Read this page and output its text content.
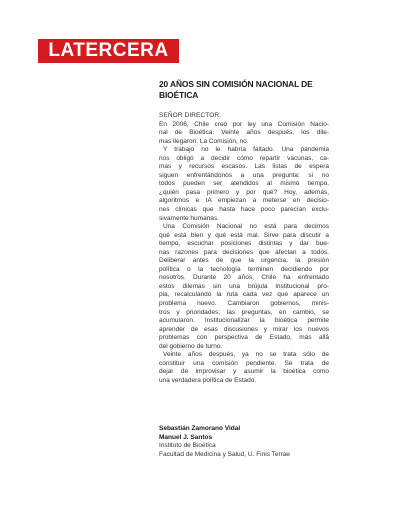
LATERCERA
20 AÑOS SIN COMISIÓN NACIONAL DE
BIOÉTICA
SEÑOR DIRECTOR:
En 2006, Chile creó por ley una Comisión Nacio-
nal de Bioética. Veinte años después, los dile-
mas llegaron. La Comisión, no.
Y trabajo no le habría faltado. Una pandemia
nos obligó a decidir cómo repartir vacunas, ca-
mas y recursos escasos. Las listas de espera
siguen enfrentándonos a una pregunta: si no
todos pueden ser atendidos al mismo tiempo,
¿quién pasa primero y por qué? Hoy, además,
algoritmos e IA empiezan a meterse en decisio-
nes clínicas que hasta hace poco parecían exclu-
sivamente humanas.
Una Comisión Nacional no está para decirnos
qué está bien y qué está mal. Sirve para discutir a
tiempo, escuchar posiciones distintas y dar bue-
nas razones para decisiones que afectan a todos.
Deliberar antes de que la urgencia, la presión
política o la tecnología terminen decidiendo por
nosotros. Durante 20 años, Chile ha enfrentado
estos dilemas sin una brújula institucional pro-
pia, recalculando la ruta cada vez que aparece un
problema nuevo. Cambiaron gobiernos, minis-
tros y prioridades; las preguntas, en cambio, se
acumularon. Institucionalizar la bioética permite
aprender de esas discusiones y mirar los nuevos
problemas con perspectiva de Estado, más allá
del gobierno de turno.
Veinte años después, ya no se trata sólo de
constituir una comisión pendiente. Se trata de
dejar de improvisar y asumir la bioética como
una verdadera política de Estado.
Sebastián Zamorano Vidal
Manuel J. Santos
Instituto de Bioética
Facultad de Medicina y Salud, U. Finis Terrae
